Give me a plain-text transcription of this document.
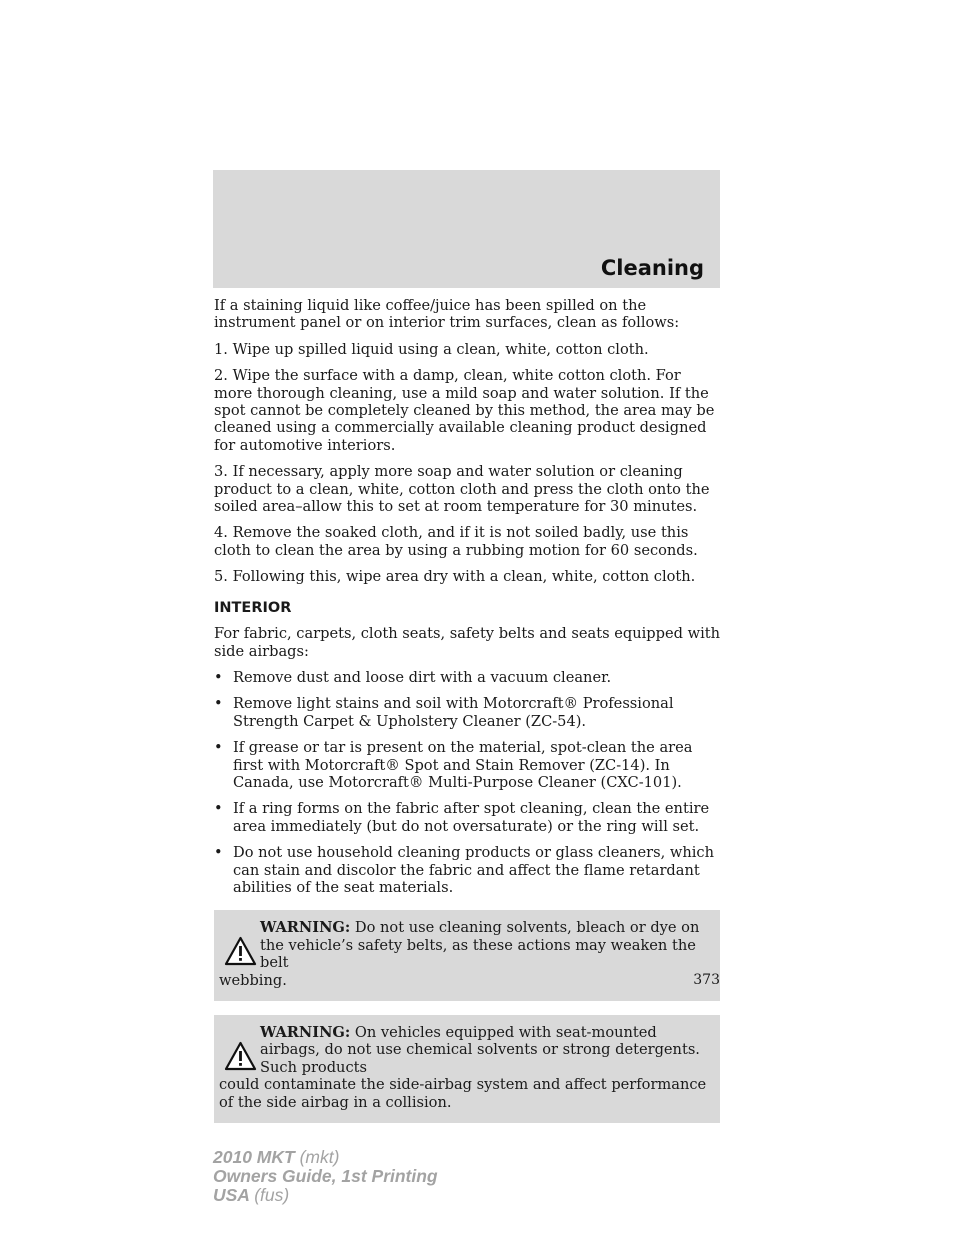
Cleaning

If a staining liquid like coffee/juice has been spilled on the instrument panel or on interior trim surfaces, clean as follows:

1. Wipe up spilled liquid using a clean, white, cotton cloth.

2. Wipe the surface with a damp, clean, white cotton cloth. For more thorough cleaning, use a mild soap and water solution. If the spot cannot be completely cleaned by this method, the area may be cleaned using a commercially available cleaning product designed for automotive interiors.

3. If necessary, apply more soap and water solution or cleaning product to a clean, white, cotton cloth and press the cloth onto the soiled area–allow this to set at room temperature for 30 minutes.

4. Remove the soaked cloth, and if it is not soiled badly, use this cloth to clean the area by using a rubbing motion for 60 seconds.

5. Following this, wipe area dry with a clean, white, cotton cloth.

INTERIOR

For fabric, carpets, cloth seats, safety belts and seats equipped with side airbags:

• Remove dust and loose dirt with a vacuum cleaner.
• Remove light stains and soil with Motorcraft® Professional Strength Carpet & Upholstery Cleaner (ZC-54).
• If grease or tar is present on the material, spot-clean the area first with Motorcraft® Spot and Stain Remover (ZC-14). In Canada, use Motorcraft® Multi-Purpose Cleaner (CXC-101).
• If a ring forms on the fabric after spot cleaning, clean the entire area immediately (but do not oversaturate) or the ring will set.
• Do not use household cleaning products or glass cleaners, which can stain and discolor the fabric and affect the flame retardant abilities of the seat materials.
WARNING: Do not use cleaning solvents, bleach or dye on the vehicle’s safety belts, as these actions may weaken the belt
webbing.
WARNING: On vehicles equipped with seat-mounted airbags, do not use chemical solvents or strong detergents. Such products
could contaminate the side-airbag system and affect performance of the side airbag in a collision.
373
2010 MKT (mkt)
Owners Guide, 1st Printing
USA (fus)
